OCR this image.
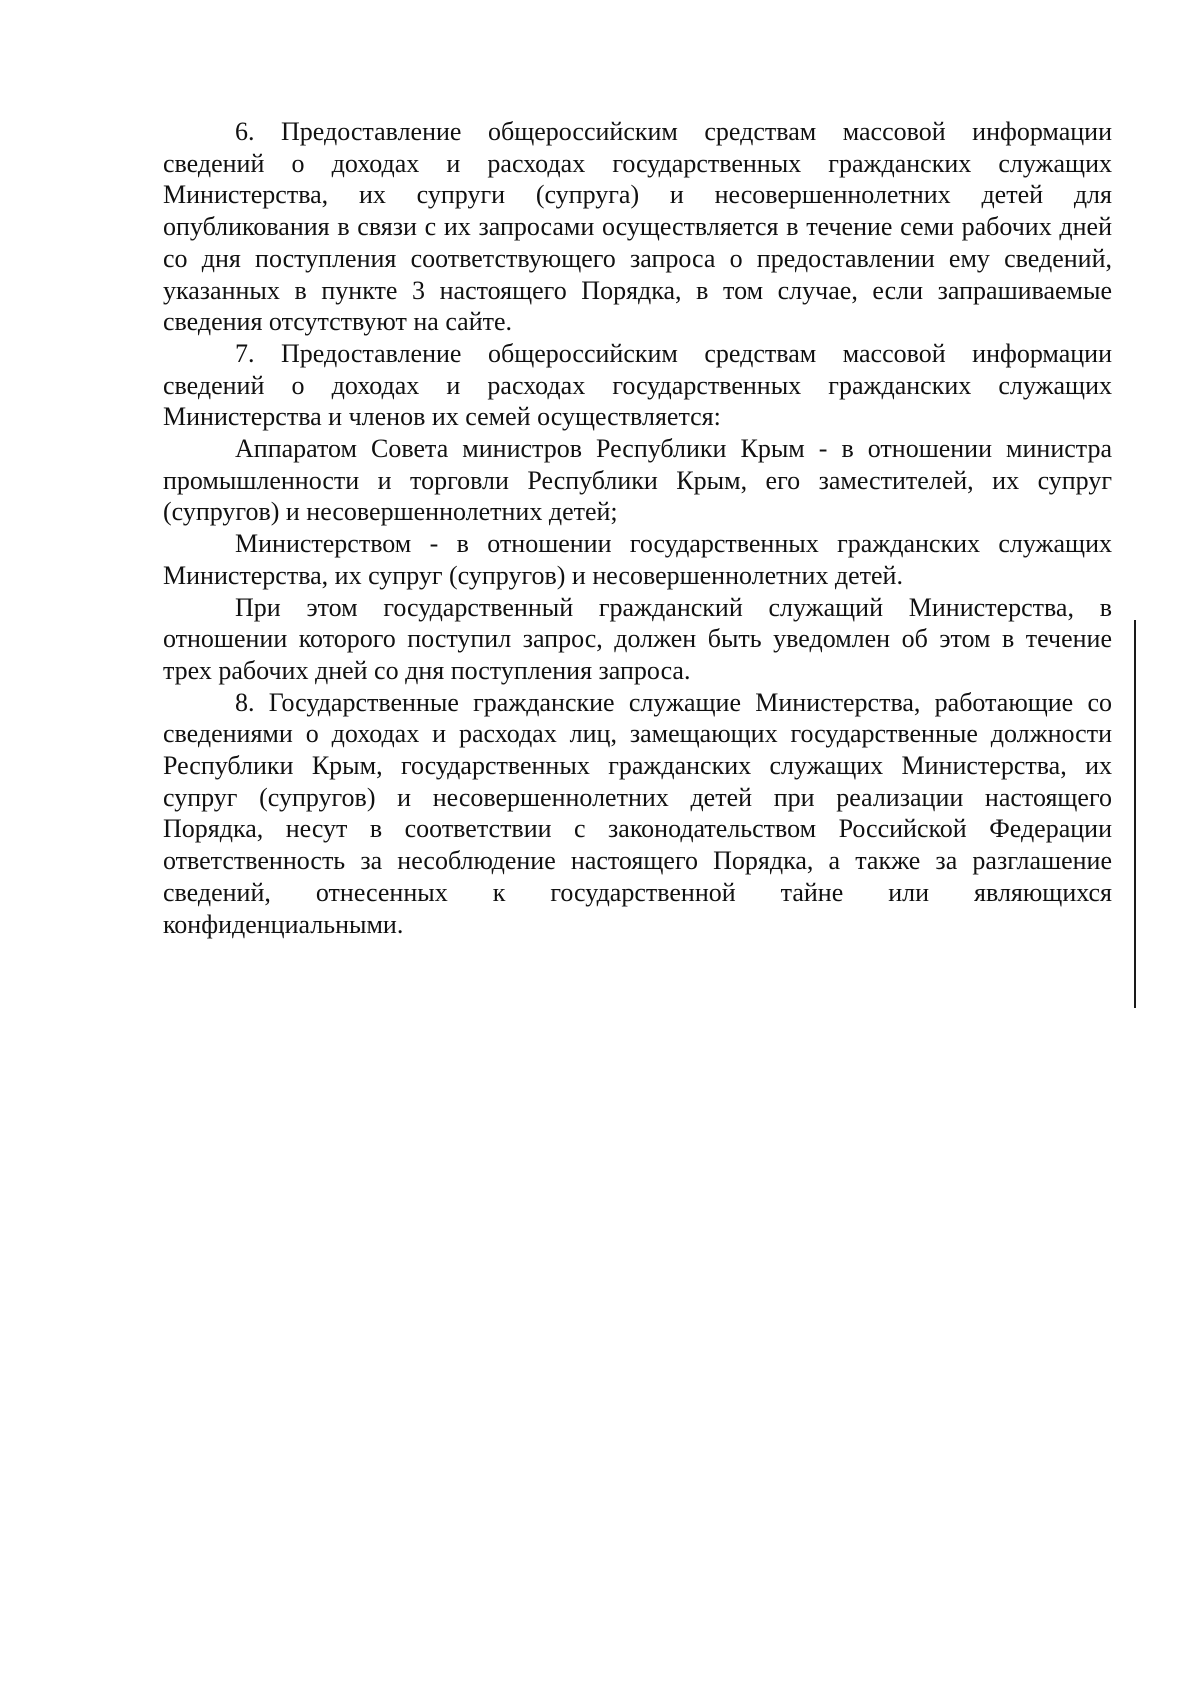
6. Предоставление общероссийским средствам массовой информации сведений о доходах и расходах государственных гражданских служащих Министерства, их супруги (супруга) и несовершеннолетних детей для опубликования в связи с их запросами осуществляется в течение семи рабочих дней со дня поступления соответствующего запроса о предоставлении ему сведений, указанных в пункте 3 настоящего Порядка, в том случае, если запрашиваемые сведения отсутствуют на сайте.

7. Предоставление общероссийским средствам массовой информации сведений о доходах и расходах государственных гражданских служащих Министерства и членов их семей осуществляется:

Аппаратом Совета министров Республики Крым - в отношении министра промышленности и торговли Республики Крым, его заместителей, их супруг (супругов) и несовершеннолетних детей;

Министерством - в отношении государственных гражданских служащих Министерства, их супруг (супругов) и несовершеннолетних детей.

При этом государственный гражданский служащий Министерства, в отношении которого поступил запрос, должен быть уведомлен об этом в течение трех рабочих дней со дня поступления запроса.

8. Государственные гражданские служащие Министерства, работающие со сведениями о доходах и расходах лиц, замещающих государственные должности Республики Крым, государственных гражданских служащих Министерства, их супруг (супругов) и несовершеннолетних детей при реализации настоящего Порядка, несут в соответствии с законодательством Российской Федерации ответственность за несоблюдение настоящего Порядка, а также за разглашение сведений, отнесенных к государственной тайне или являющихся конфиденциальными.
